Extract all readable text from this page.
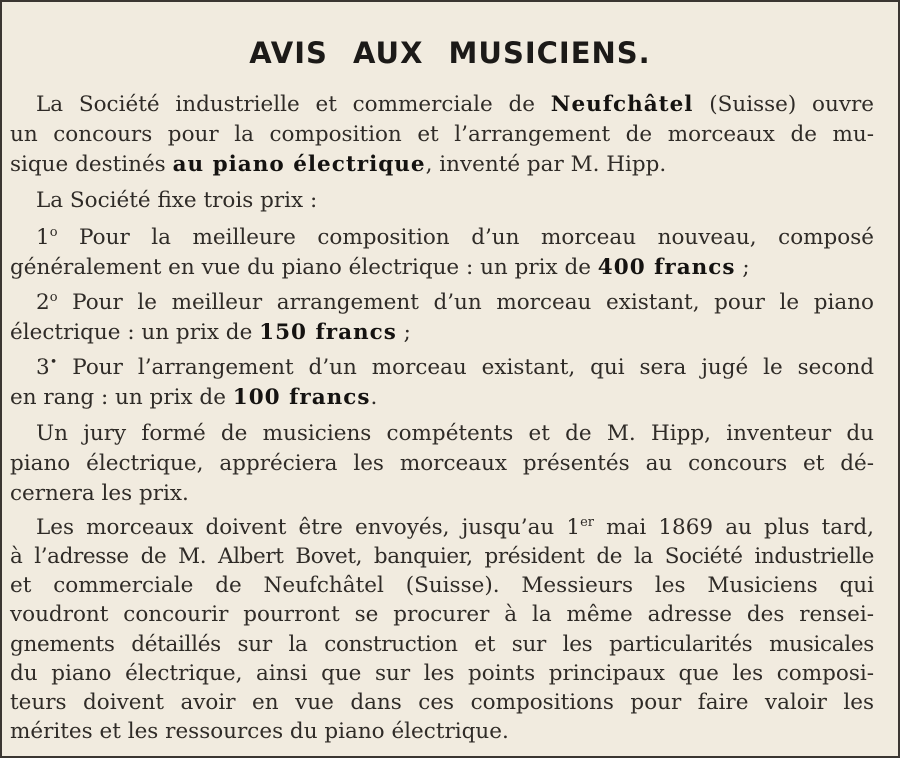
AVIS AUX MUSICIENS.
La Société industrielle et commerciale de Neufchâtel (Suisse) ouvre
un concours pour la composition et l’arrangement de morceaux de mu-
sique destinés au piano électrique, inventé par M. Hipp.
La Société fixe trois prix :
1$^o$ Pour la meilleure composition d’un morceau nouveau, composé
généralement en vue du piano électrique : un prix de 400 francs ;
2$^o$ Pour le meilleur arrangement d’un morceau existant, pour le piano
électrique : un prix de 150 francs ;
3• Pour l’arrangement d’un morceau existant, qui sera jugé le second
en rang : un prix de 100 francs.
Un jury formé de musiciens compétents et de M. Hipp, inventeur du
piano électrique, appréciera les morceaux présentés au concours et dé-
cernera les prix.
Les morceaux doivent être envoyés, jusqu’au 1er mai 1869 au plus tard,
à l’adresse de M. Albert Bovet, banquier, président de la Société industrielle
et commerciale de Neufchâtel (Suisse). Messieurs les Musiciens qui
voudront concourir pourront se procurer à la même adresse des rensei-
gnements détaillés sur la construction et sur les particularités musicales
du piano électrique, ainsi que sur les points principaux que les composi-
teurs doivent avoir en vue dans ces compositions pour faire valoir les
mérites et les ressources du piano électrique.
